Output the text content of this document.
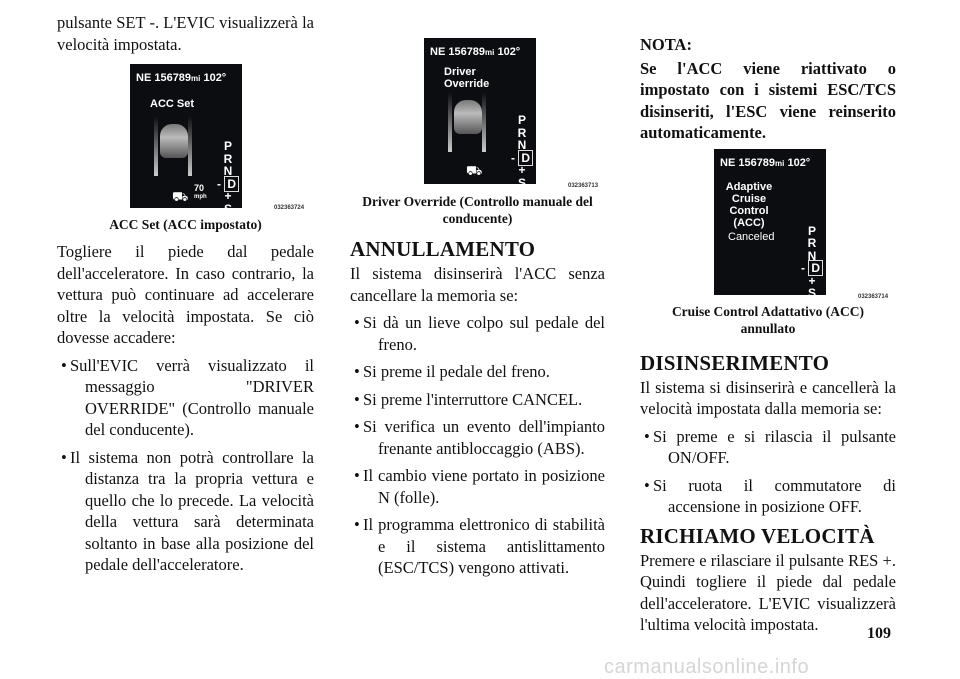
pulsante SET -. L'EVIC visualizzerà la velocità impostata.

NE 156789mi 102°
ACC Set
P
R
N
- D +
S
70
mph
⛟
032363724
ACC Set (ACC impostato)

Togliere il piede dal pedale dell'acceleratore. In caso contrario, la vettura può continuare ad accelerare oltre la velocità impostata. Se ciò dovesse accadere:

• Sull'EVIC verrà visualizzato il messaggio "DRIVER OVERRIDE" (Controllo manuale del conducente).
• Il sistema non potrà controllare la distanza tra la propria vettura e quello che lo precede. La velocità della vettura sarà determinata soltanto in base alla posizione del pedale dell'acceleratore.
NE 156789mi 102°
Driver
Override
P
R
N
- D +
S
⛟
032363713
Driver Override (Controllo manuale del conducente)
ANNULLAMENTO

Il sistema disinserirà l'ACC senza cancellare la memoria se:

• Si dà un lieve colpo sul pedale del freno.
• Si preme il pedale del freno.
• Si preme l'interruttore CANCEL.
• Si verifica un evento dell'impianto frenante antibloccaggio (ABS).
• Il cambio viene portato in posizione N (folle).
• Il programma elettronico di stabilità e il sistema antislittamento (ESC/TCS) vengono attivati.
NOTA:

Se l'ACC viene riattivato o impostato con i sistemi ESC/TCS disinseriti, l'ESC viene reinserito automaticamente.

NE 156789mi 102°
Adaptive
Cruise
Control
(ACC)
Canceled	P
R
N
- D +
S	032363714
Cruise Control Adattativo (ACC) annullato
DISINSERIMENTO

Il sistema si disinserirà e cancellerà la velocità impostata dalla memoria se:

• Si preme e si rilascia il pulsante ON/OFF.
• Si ruota il commutatore di accensione in posizione OFF.
RICHIAMO VELOCITÀ

Premere e rilasciare il pulsante RES +. Quindi togliere il piede dal pedale dell'acceleratore. L'EVIC visualizzerà l'ultima velocità impostata.	109
carmanualsonline.info
